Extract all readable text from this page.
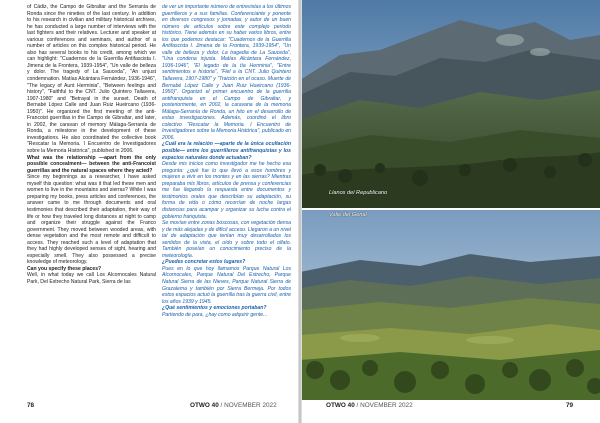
of Cádiz, the Campo de Gibraltar and the Serranía de Ronda since the nineties of the last century. In addition to his research in civilian and military historical archives, he has conducted a large number of interviews with the last fighters and their relatives. Lecturer and speaker at various conferences and seminars, and author of a number of articles on this complex historical period. He also has several books to his credit, among which we can highlight: "Cuadernos de la Guerrilla Antifascista I. Jimena de la Frontera, 1939-1954", "Un valle de belleza y dolor. The tragedy of La Sauceda", "An unjust condemnation. Matías Alcántara Fernández, 1936-1946", "The legacy of Aunt Herminia", "Between feelings and history", "Faithful to the CNT. Julio Quintero Tallavera, 1907-1980" and "Betrayal in the sunset. Death of Bernabé López Calle and Juan Ruiz Hueircano (1936-1950)". He organized the first meeting of the anti-Francoist guerrillas in the Campo de Gibraltar, and later, in 2002, the caravan of memory Málaga-Serranía de Ronda, a milestone in the development of these investigations. He also coordinated the collective book "Rescatar la Memoria. I Encuentro de Investigadores sobre la Memoria Histórica", published in 2006.

What was the relationship —apart from the only possible concealment— between the anti-Francoist guerrillas and the natural spaces where they acted?

Since my beginnings as a researcher, I have asked myself this question: what was it that led these men and women to live in the mountains and sierras? While I was preparing my books, press articles and conferences, the answer came to me through documents and oral testimonies that described their adaptation, their way of life or how they traveled long distances at night to camp and organize their struggle against the Franco government. They moved between wooded areas, with dense vegetation and the most remote and difficult to access. They reached such a level of adaptation that they had highly developed senses of sight, hearing and especially smell. They also possessed a precise knowledge of meteorology.

Can you specify these places?

Well, in what today we call Los Alcornocales Natural Park, Del Estrecho Natural Park, Sierra de las

de ver un importante número de entrevistas a los últimos guerrilleros y a sus familias. Conferenciante y ponente en diversos congresos y jornadas, y autor de un buen número de artículos sobre este complejo periodo histórico. Tiene además en su haber varios libros, entre los que podemos destacar: "Cuadernos de la Guerrilla Antifascista I. Jimena de la Frontera, 1939-1954", "Un valle de belleza y dolor. La tragedia de La Sauceda", "Una condena injusta. Matías Alcántara Fernández, 1936-1946", "El legado de la tía Herminia", "Entre sentimientos e historia", "Fiel a la CNT. Julio Quintero Tallavera, 1907-1980" y "Traición en el ocaso. Muerte de Bernabé López Calle y Juan Ruiz Hueircano (1936-1950)". Organizó el primer encuentro de la guerrilla antifranquista en el Campo de Gibraltar, y posteriormente, en 2002, la caravana de la memoria Málaga-Serranía de Ronda, un hito en el desarrollo de estas investigaciones. Además, coordinó el libro colectivo "Rescatar la Memoria. I Encuentro de Investigadores sobre la Memoria Histórica", publicado en 2006.

¿Cuál era la relación —aparte de la única ocultación posible— entre los guerrilleros antifranquistas y los espacios naturales donde actuaban?

Desde mis inicios como investigador me he hecho esa pregunta: ¿qué fue lo que llevó a esos hombres y mujeres a vivir en los montes y en las sierras? Mientras preparaba mis libros, artículos de prensa y conferencias me fue llegando la respuesta entre documentos y testimonios orales que describían su adaptación, su forma de vida o cómo recorrían de noche largas distancias para acampar y organizar su lucha contra el gobierno franquista.

Se movían entre zonas boscosas, con vegetación densa y de más alejadas y de difícil acceso. Llegaron a un nivel tal de adaptación que tenían muy desarrollados los sentidos de la vista, el oído y sobre todo el olfato. También poseían un conocimiento preciso de la meteorología.

¿Puedes concretar estos lugares?

Pues en lo que hoy llamamos Parque Natural Los Alcornocales, Parque Natural Del Estrecho, Parque Natural Sierra de las Nieves, Parque Natural Sierra de Grazalema y también por Sierra Bermeja. Por todos estos espacios actuó la guerrilla tras la guerra civil, entre los años 1939 y 1945.

¿Qué sentimientos y emociones portaban?

Partiendo de para, ¿hay como adquirir gente...

78	OTWO 40 / NOVEMBER 2022
Llanos del Republicano
Valle del Genal
OTWO 40 / NOVEMBER 2022	79
